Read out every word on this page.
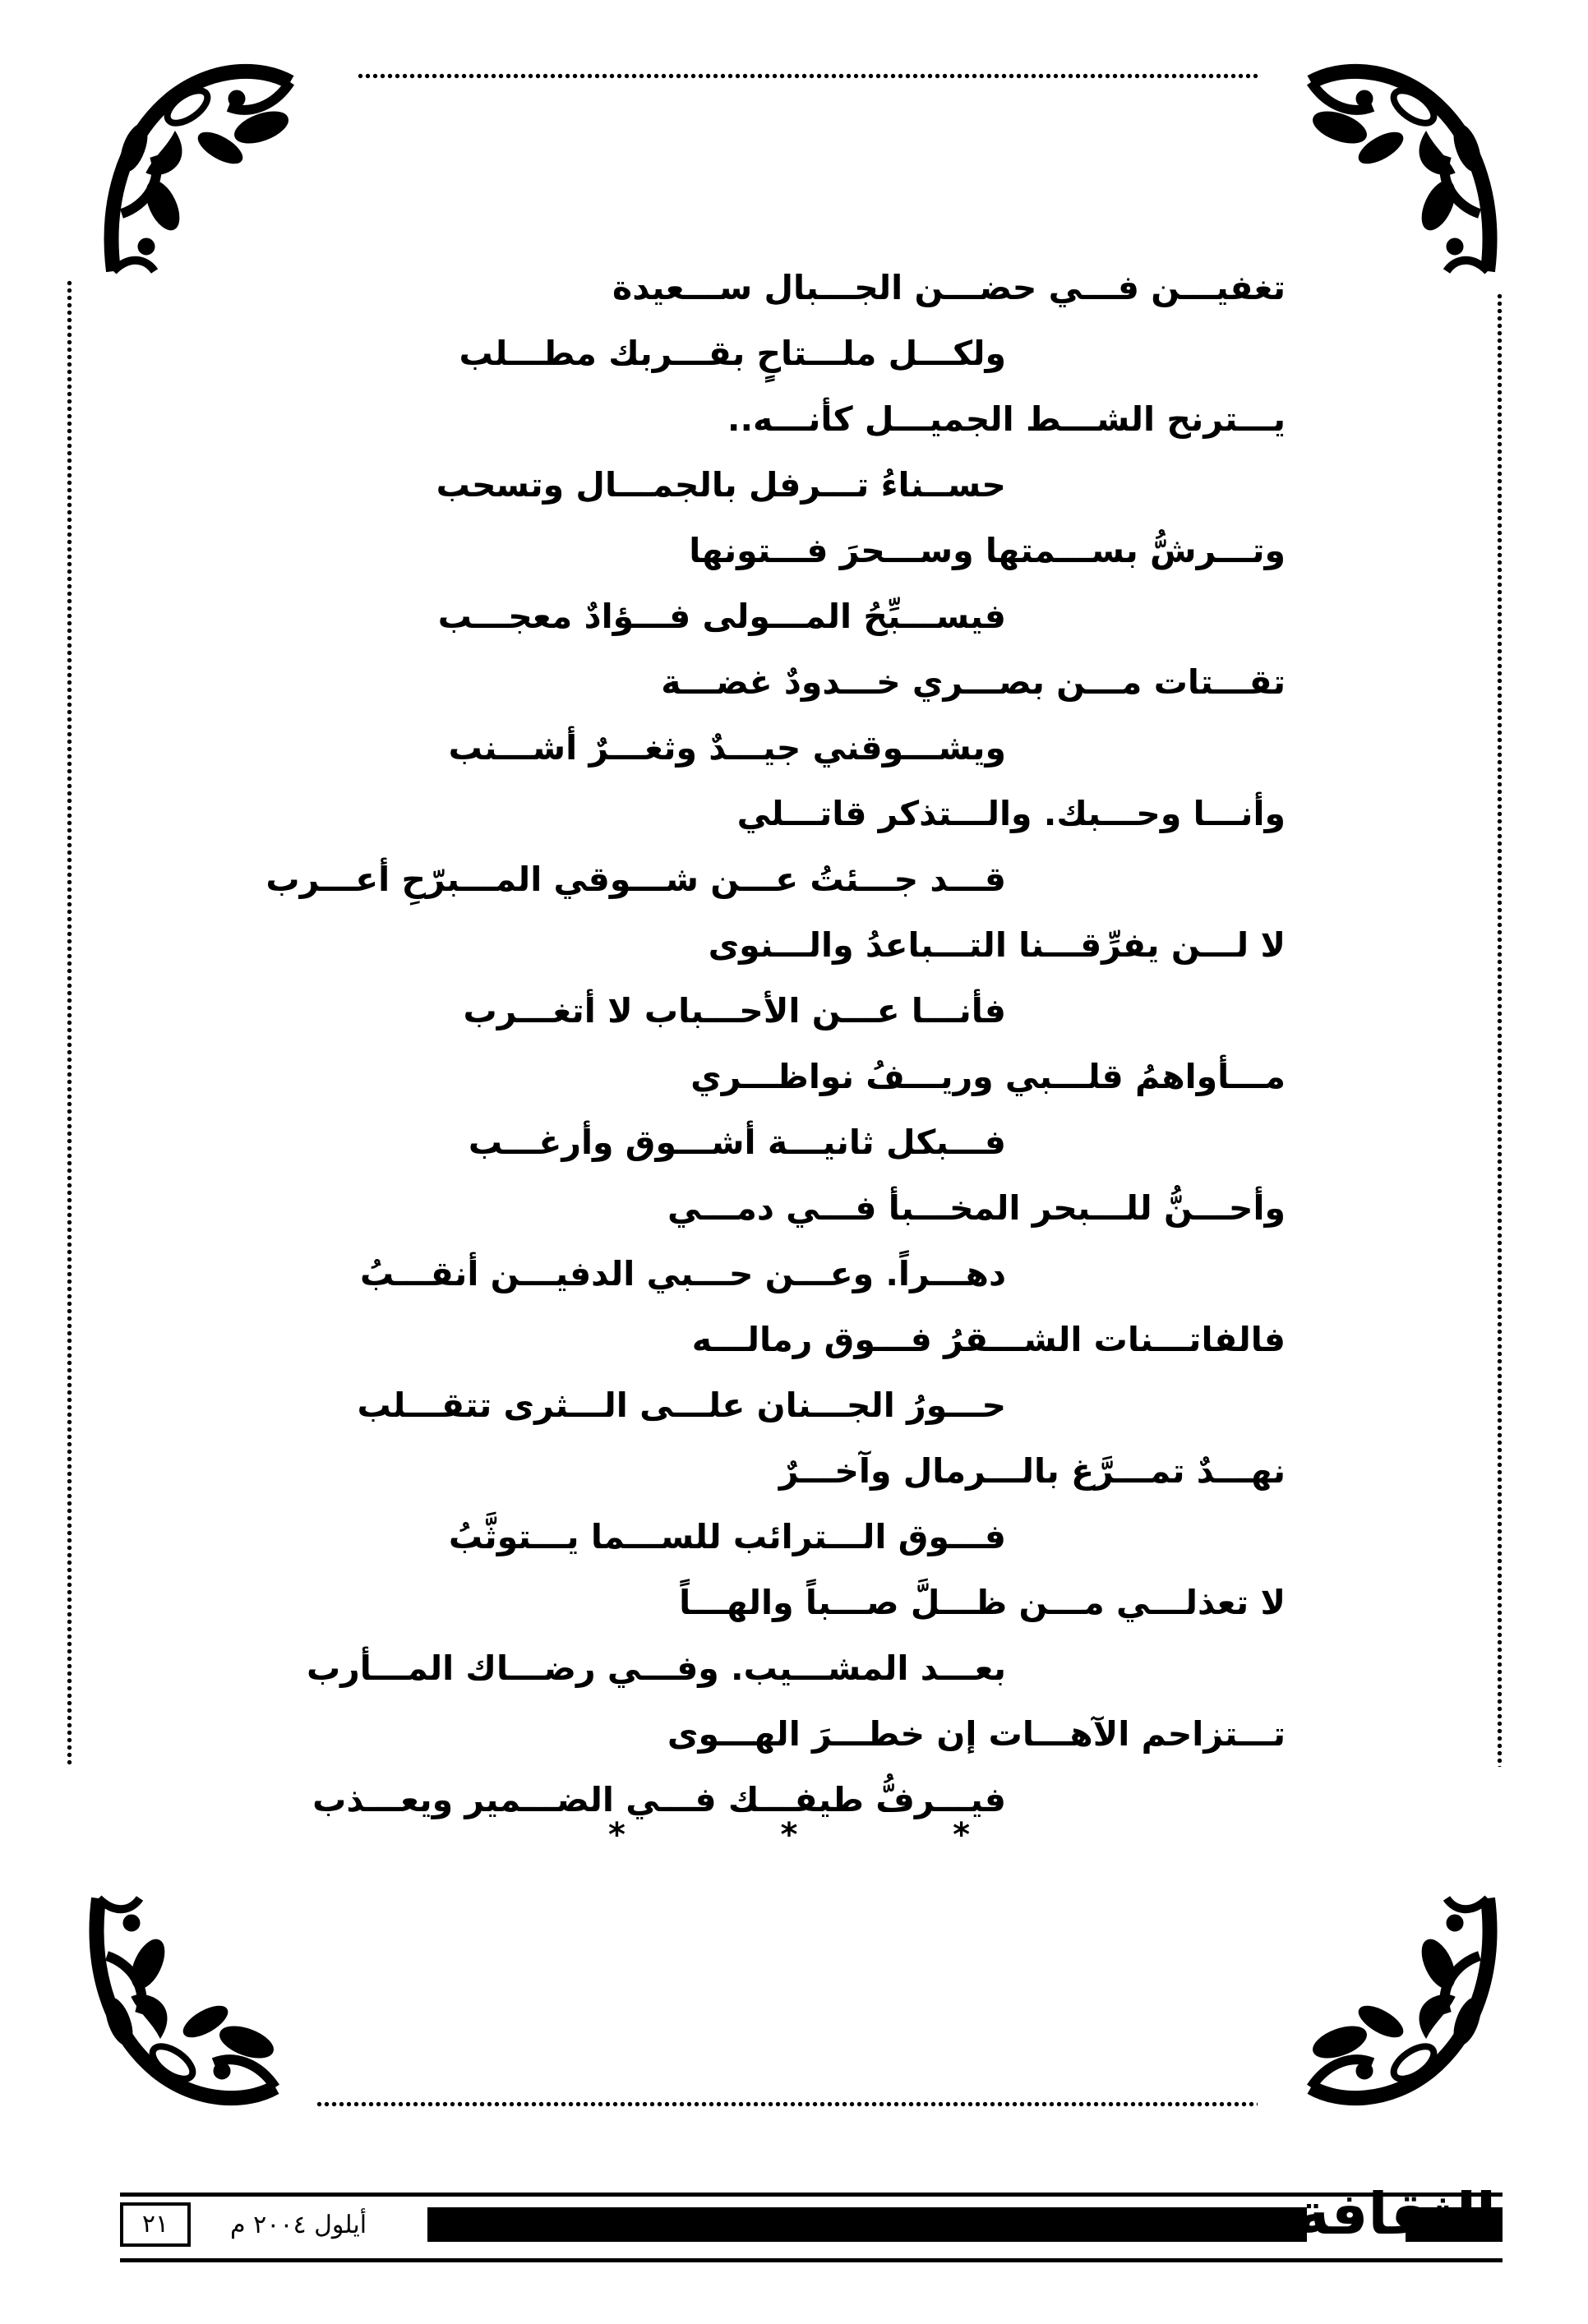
تغفيـــن فـــي حضـــن الجـــبال ســـعيدة
ولكـــل ملـــتاحٍ بقـــربك مطـــلب
يـــترنح الشـــط الجميـــل كأنـــه..
حســناءُ تـــرفل بالجمـــال وتسحب
وتـــرشُّ بســـمتها وســـحرَ فـــتونها
فيســـبِّحُ المـــولى فـــؤادٌ معجـــب
تقـــتات مـــن بصـــري خـــدودٌ غضـــة
ويشـــوقني جيـــدٌ وثغـــرٌ أشـــنب
وأنـــا وحـــبك. والـــتذكر قاتـــلي
قـــد جـــئتُ عـــن شـــوقي المـــبرّحِ أعـــرب
لا لـــن يفرِّقـــنا التـــباعدُ والـــنوى
فأنـــا عـــن الأحـــباب لا أتغـــرب
مـــأواهمُ قلـــبي وريـــفُ نواظـــري
فـــبكل ثانيـــة أشـــوق وأرغـــب
وأحـــنُّ للـــبحر المخـــبأ فـــي دمـــي
دهـــراً. وعـــن حـــبي الدفيـــن أنقـــبُ
فالفاتـــنات الشـــقرُ فـــوق رمالـــه
حـــورُ الجـــنان علـــى الـــثرى تتقـــلب
نهـــدٌ تمـــرَّغ بالـــرمال وآخـــرٌ
فـــوق الـــترائب للســـما يـــتوثَّبُ
لا تعذلـــي مـــن ظـــلَّ صـــباً والهـــاً
بعـــد المشـــيب. وفـــي رضـــاك المـــأرب
تـــتزاحم الآهـــات إن خطـــرَ الهـــوى
فيـــرفُّ طيفـــك فـــي الضـــمير ويعـــذب
*	*	*
الثقافة
أيلول ٢٠٠٤ م
٢١
